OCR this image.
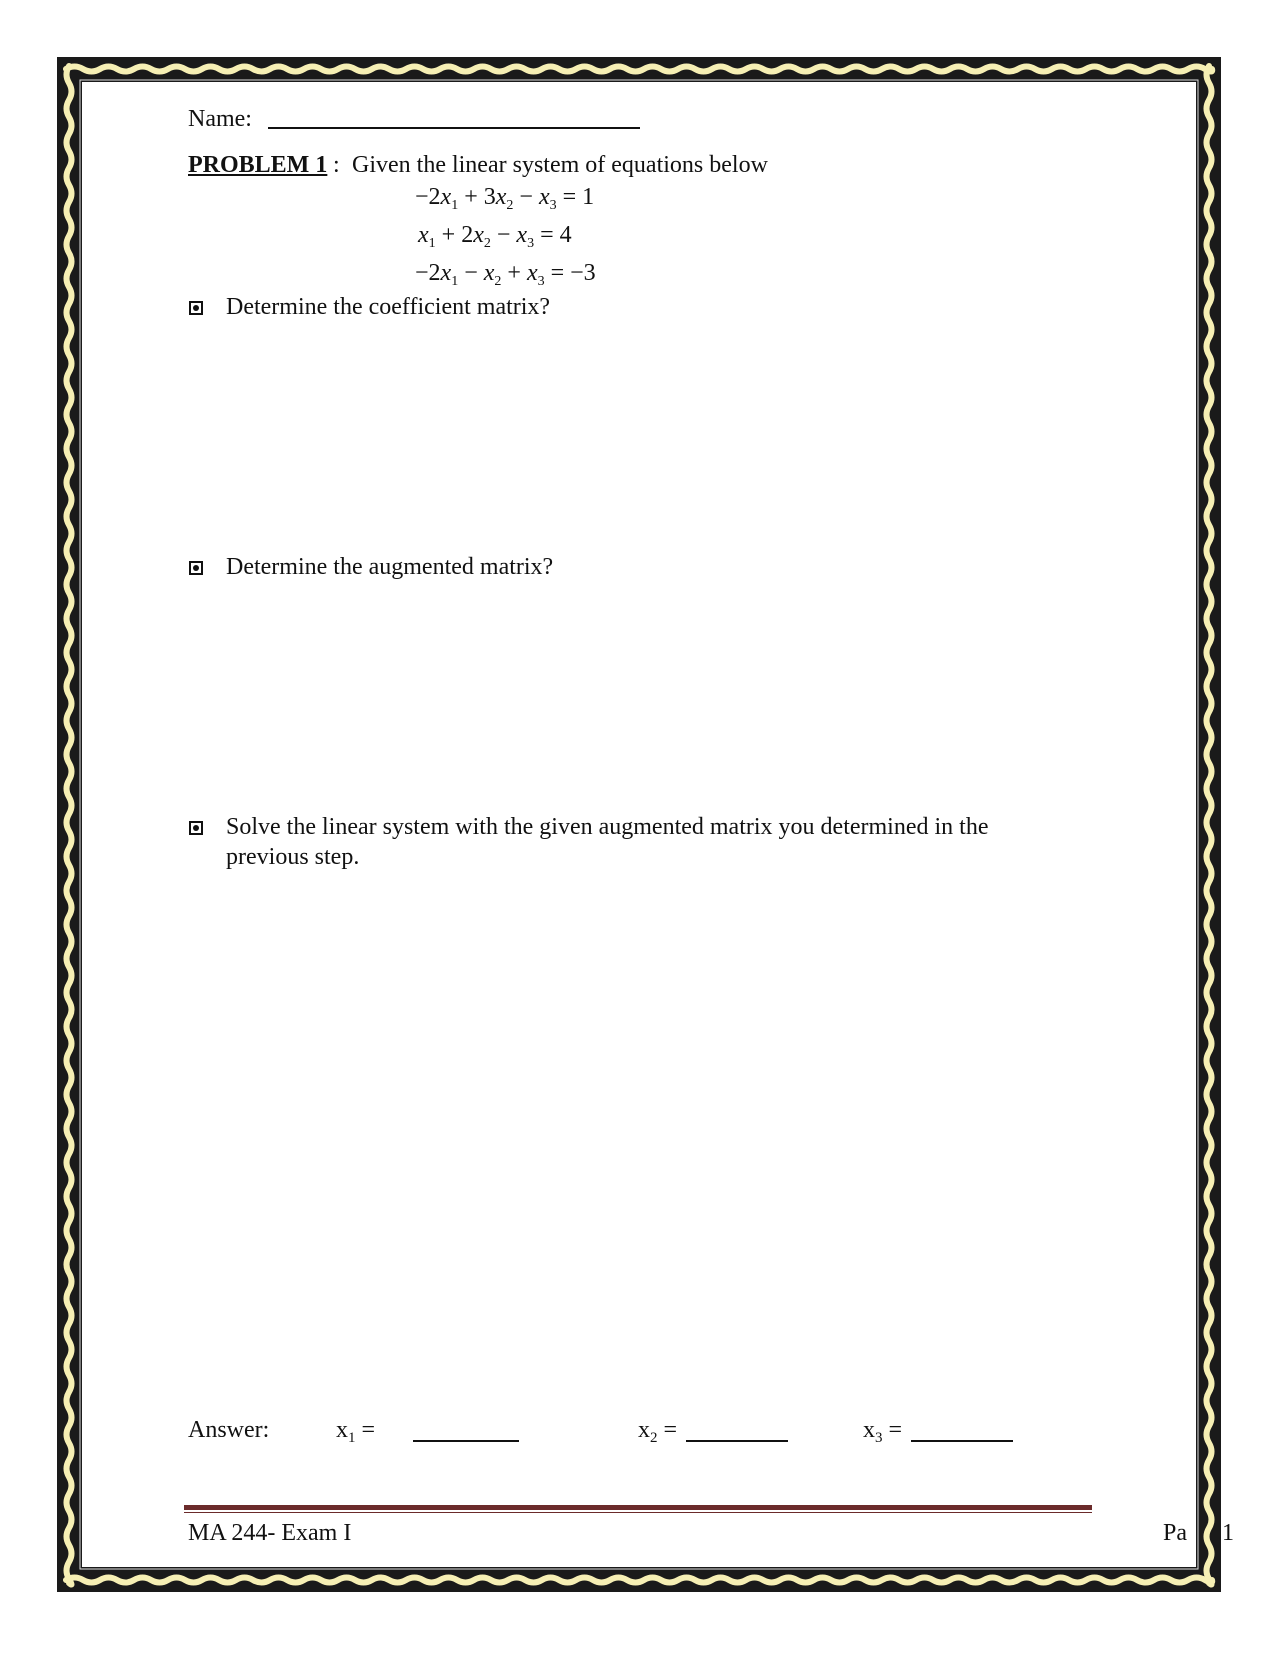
Name:
PROBLEM 1 : Given the linear system of equations below
$-2x_1 + 3x_2 - x_3 = 1$
$x_1 + 2x_2 - x_3 = 4$
$-2x_1 - x_2 + x_3 = -3$
Determine the coefficient matrix?
Determine the augmented matrix?
Solve the linear system with the given augmented matrix you determined in the
previous step.
Answer:	$x_1$ =	$x_2$ =	$x_3$ =
MA 244- Exam I	Pa 1
